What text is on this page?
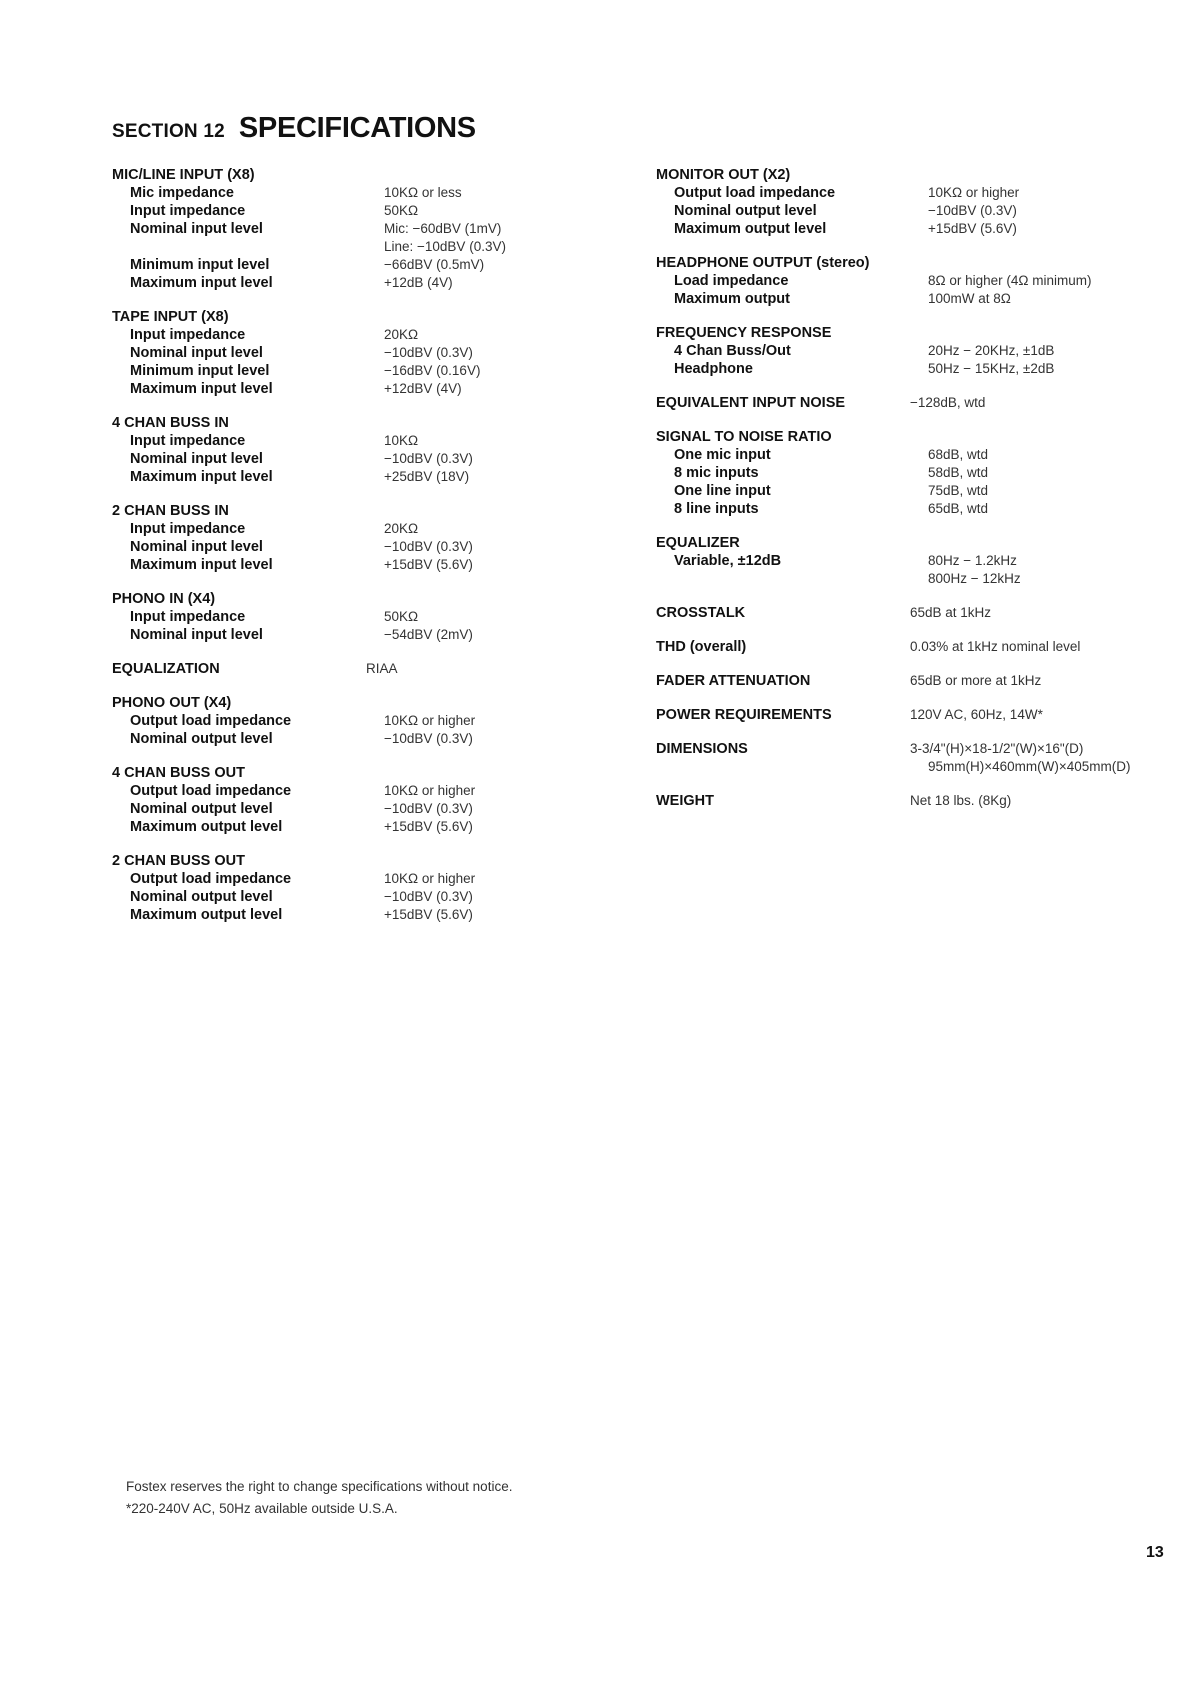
SECTION 12 SPECIFICATIONS
MIC/LINE INPUT (X8)
Mic impedance	10KΩ or less
Input impedance	50KΩ
Nominal input level	Mic: −60dBV (1mV)
Line: −10dBV (0.3V)
Minimum input level	−66dBV (0.5mV)
Maximum input level	+12dB (4V)
TAPE INPUT (X8)
Input impedance	20KΩ
Nominal input level	−10dBV (0.3V)
Minimum input level	−16dBV (0.16V)
Maximum input level	+12dBV (4V)
4 CHAN BUSS IN
Input impedance	10KΩ
Nominal input level	−10dBV (0.3V)
Maximum input level	+25dBV (18V)
2 CHAN BUSS IN
Input impedance	20KΩ
Nominal input level	−10dBV (0.3V)
Maximum input level	+15dBV (5.6V)
PHONO IN (X4)
Input impedance	50KΩ
Nominal input level	−54dBV (2mV)
EQUALIZATION	RIAA
PHONO OUT (X4)
Output load impedance	10KΩ or higher
Nominal output level	−10dBV (0.3V)
4 CHAN BUSS OUT
Output load impedance	10KΩ or higher
Nominal output level	−10dBV (0.3V)
Maximum output level	+15dBV (5.6V)
2 CHAN BUSS OUT
Output load impedance	10KΩ or higher
Nominal output level	−10dBV (0.3V)
Maximum output level	+15dBV (5.6V)
MONITOR OUT (X2)
Output load impedance	10KΩ or higher
Nominal output level	−10dBV (0.3V)
Maximum output level	+15dBV (5.6V)
HEADPHONE OUTPUT (stereo)
Load impedance	8Ω or higher (4Ω minimum)
Maximum output	100mW at 8Ω
FREQUENCY RESPONSE
4 Chan Buss/Out	20Hz − 20KHz, ±1dB
Headphone	50Hz − 15KHz, ±2dB
EQUIVALENT INPUT NOISE	−128dB, wtd
SIGNAL TO NOISE RATIO
One mic input	68dB, wtd
8 mic inputs	58dB, wtd
One line input	75dB, wtd
8 line inputs	65dB, wtd
EQUALIZER
Variable, ±12dB	80Hz − 1.2kHz
800Hz − 12kHz
CROSSTALK	65dB at 1kHz
THD (overall)	0.03% at 1kHz nominal level
FADER ATTENUATION	65dB or more at 1kHz
POWER REQUIREMENTS	120V AC, 60Hz, 14W*
DIMENSIONS	3-3/4"(H)×18-1/2"(W)×16"(D)
95mm(H)×460mm(W)×405mm(D)
WEIGHT	Net 18 lbs. (8Kg)
Fostex reserves the right to change specifications without notice.
*220-240V AC, 50Hz available outside U.S.A.
13
